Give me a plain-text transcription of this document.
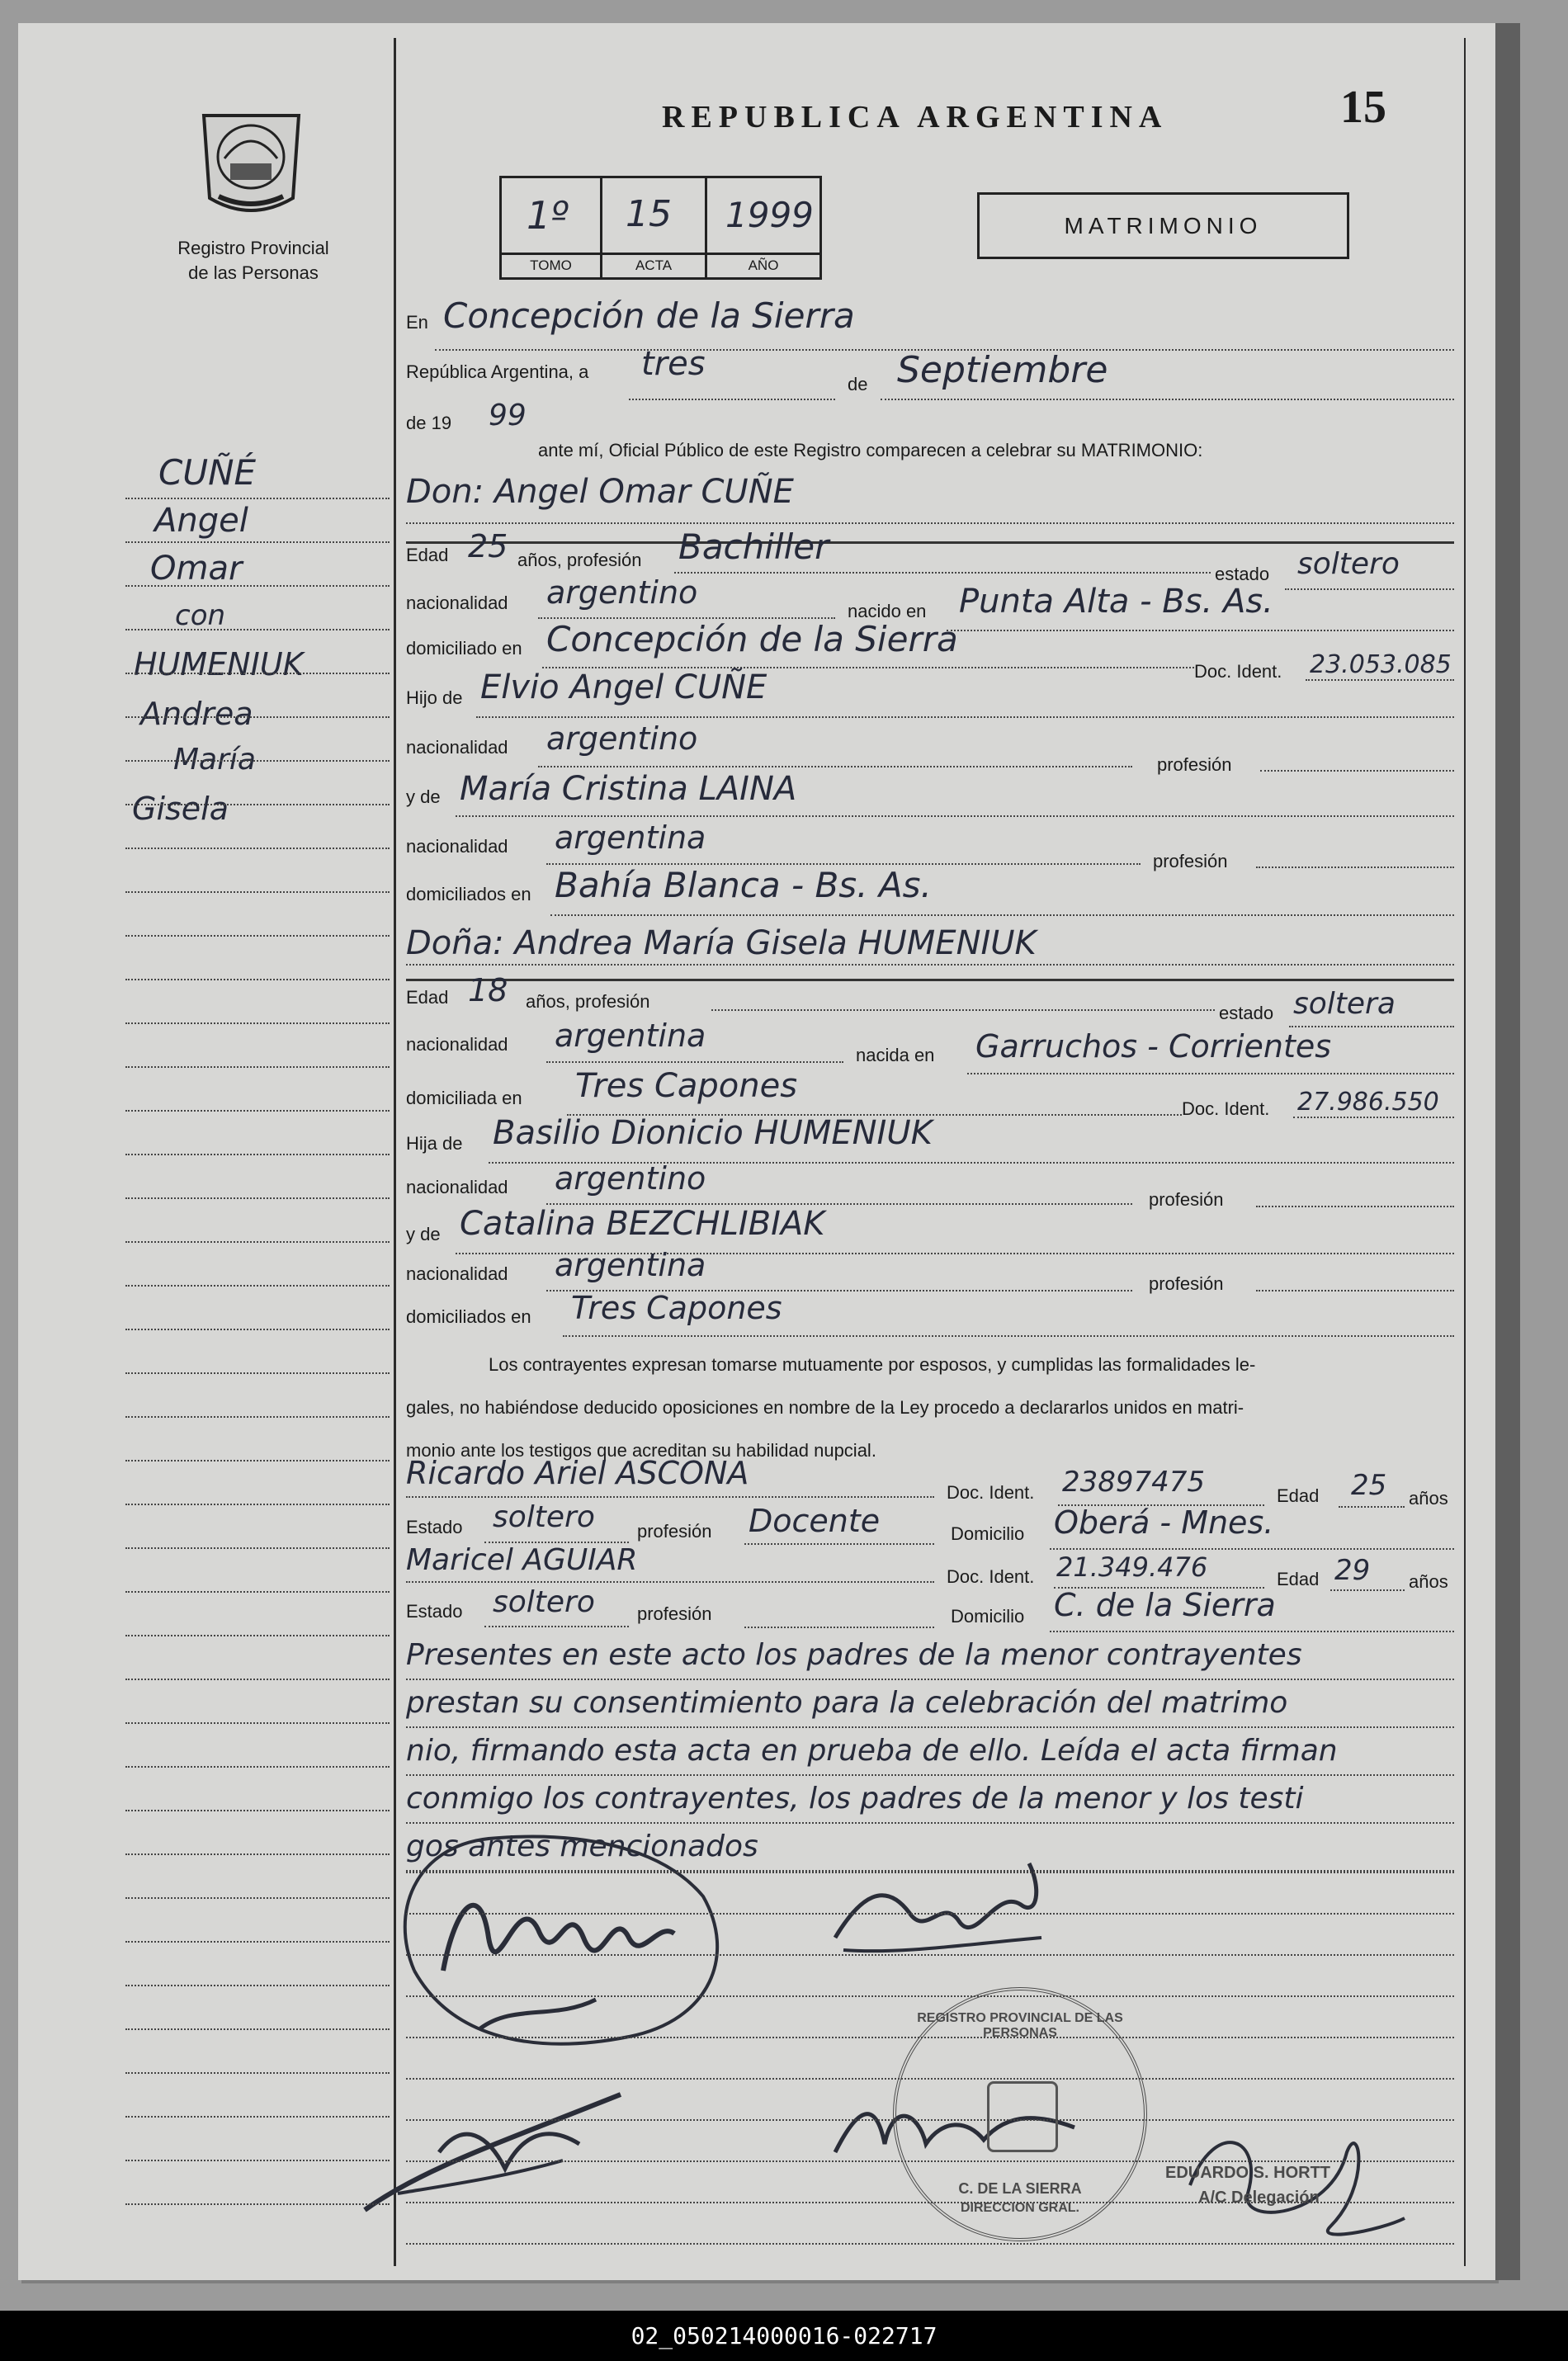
Registro Provincial
de las Personas
CUÑÉ
Angel
Omar
con
HUMENIUK
Andrea
María
Gisela
REPUBLICA ARGENTINA	15
1º
TOMO
15
ACTA
1999
AÑO
MATRIMONIO
En Concepción de la Sierra
República Argentina, a tres
de Septiembre
de 19 99
ante mí, Oficial Público de este Registro comparecen a celebrar su MATRIMONIO:
Don: Angel Omar CUÑE
Edad 25 años, profesión Bachiller
estado soltero
nacionalidad argentino
nacido en Punta Alta - Bs. As.
domiciliado en Concepción de la Sierra
Doc. Ident. 23.053.085
Hijo de Elvio Angel CUÑE
nacionalidad argentino
profesión
y de María Cristina LAINA
nacionalidad argentina
profesión
domiciliados en Bahía Blanca - Bs. As.
Doña: Andrea María Gisela HUMENIUK
Edad 18 años, profesión
estado soltera
nacionalidad argentina
nacida en Garruchos - Corrientes
domiciliada en Tres Capones
Doc. Ident. 27.986.550
Hija de Basilio Dionicio HUMENIUK
nacionalidad argentino
profesión
y de Catalina BEZCHLIBIAK
nacionalidad argentina
profesión
domiciliados en Tres Capones
Los contrayentes expresan tomarse mutuamente por esposos, y cumplidas las formalidades le-
gales, no habiéndose deducido oposiciones en nombre de la Ley procedo a declararlos unidos en matri-
monio ante los testigos que acreditan su habilidad nupcial.
Ricardo Ariel ASCONA
Doc. Ident. 23897475	Edad 25 años
Estado soltero profesión Docente	Domicilio Oberá - Mnes.
Maricel AGUIAR	Doc. Ident. 21.349.476	Edad 29 años
Estado soltero profesión	Domicilio C. de la Sierra
Presentes en este acto los padres de la menor contrayentes
prestan su consentimiento para la celebración del matrimo
nio, firmando esta acta en prueba de ello. Leída el acta firman
conmigo los contrayentes, los padres de la menor y los testi
gos antes mencionados
REGISTRO PROVINCIAL DE LAS PERSONAS
C. DE LA SIERRA
DIRECCION GRAL.
EDUARDO S. HORTT
A/C Delegación
02_050214000016-022717
